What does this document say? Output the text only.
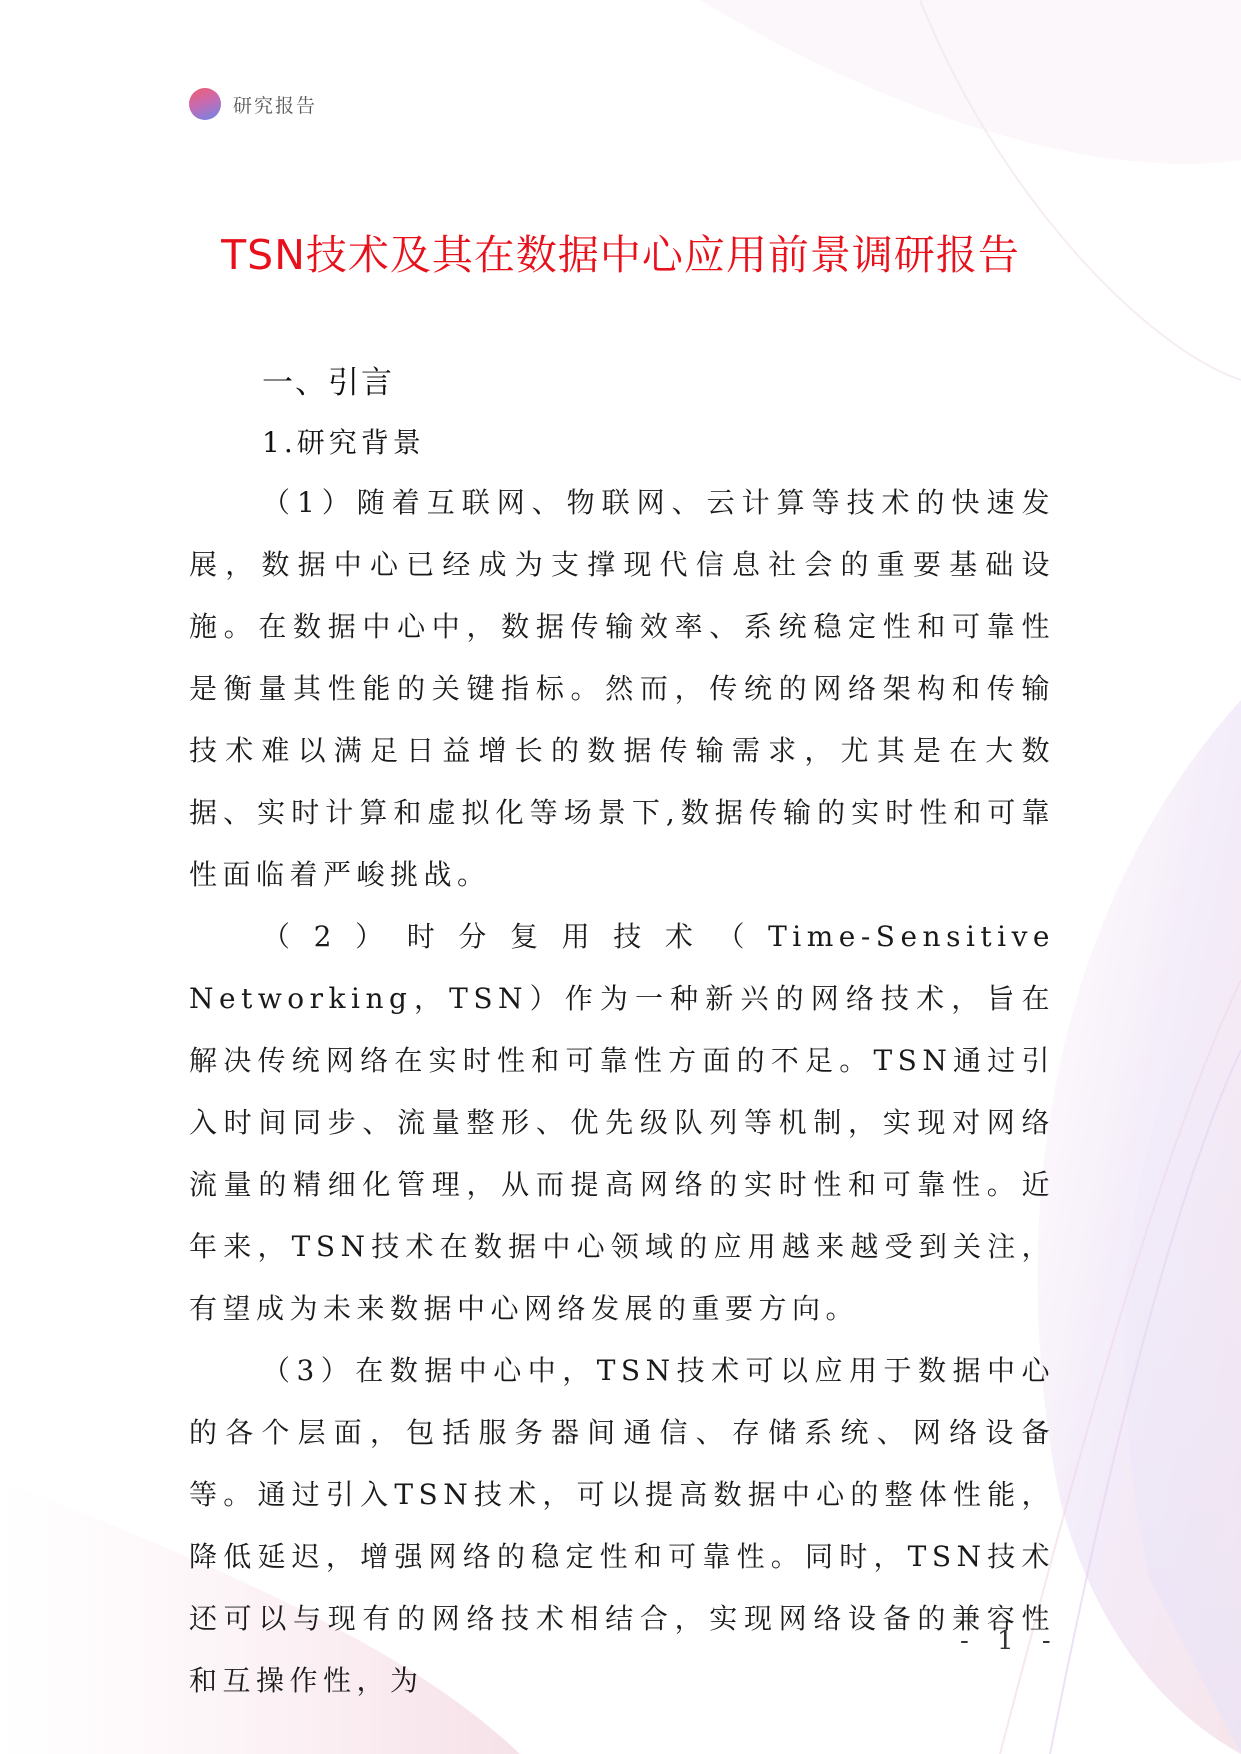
研究报告
TSN技术及其在数据中心应用前景调研报告
一、引言
1.研究背景

（1）随着互联网、物联网、云计算等技术的快速发展，数据中心已经成为支撑现代信息社会的重要基础设施。在数据中心中，数据传输效率、系统稳定性和可靠性是衡量其性能的关键指标。然而，传统的网络架构和传输技术难以满足日益增长的数据传输需求，尤其是在大数据、实时计算和虚拟化等场景下,数据传输的实时性和可靠性面临着严峻挑战。

（2）时分复用技术（Time-Sensitive Networking，TSN）作为一种新兴的网络技术，旨在解决传统网络在实时性和可靠性方面的不足。TSN通过引入时间同步、流量整形、优先级队列等机制，实现对网络流量的精细化管理，从而提高网络的实时性和可靠性。近年来，TSN技术在数据中心领域的应用越来越受到关注，有望成为未来数据中心网络发展的重要方向。

（3）在数据中心中，TSN技术可以应用于数据中心的各个层面，包括服务器间通信、存储系统、网络设备等。通过引入TSN技术，可以提高数据中心的整体性能，降低延迟，增强网络的稳定性和可靠性。同时，TSN技术还可以与现有的网络技术相结合，实现网络设备的兼容性和互操作性，为

- 1 -
